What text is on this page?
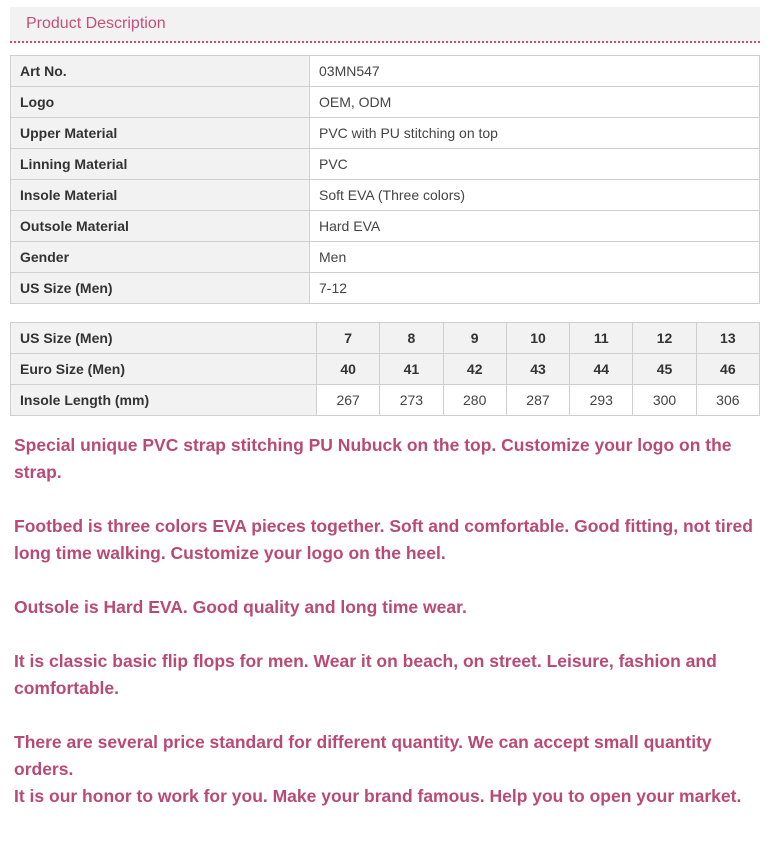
Product Description
Art No.	03MN547
Logo	OEM, ODM
Upper Material	PVC with PU stitching on top
Linning Material	PVC
Insole Material	Soft EVA (Three colors)
Outsole Material	Hard EVA
Gender	Men
US Size (Men)	7-12
US Size (Men)	7	8	9	10	11	12	13
Euro Size (Men)	40	41	42	43	44	45	46
Insole Length (mm)	267	273	280	287	293	300	306
Special unique PVC strap stitching PU Nubuck on the top. Customize your logo on the strap.
Footbed is three colors EVA pieces together. Soft and comfortable. Good fitting, not tired long time walking. Customize your logo on the heel.
Outsole is Hard EVA. Good quality and long time wear.
It is classic basic flip flops for men. Wear it on beach, on street. Leisure, fashion and comfortable.
There are several price standard for different quantity. We can accept small quantity orders.
It is our honor to work for you. Make your brand famous. Help you to open your market.
